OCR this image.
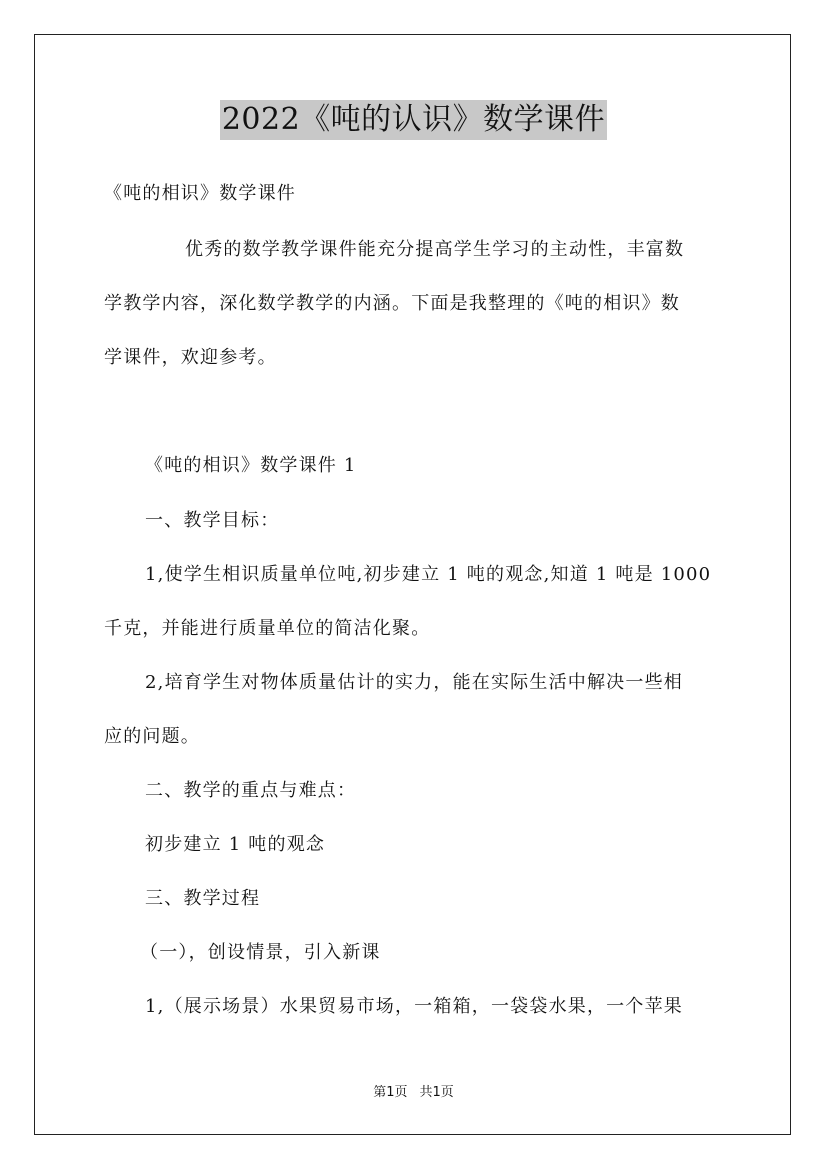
2022《吨的认识》数学课件
《吨的相识》数学课件
优秀的数学教学课件能充分提高学生学习的主动性，丰富数
学教学内容，深化数学教学的内涵。下面是我整理的《吨的相识》数
学课件，欢迎参考。
《吨的相识》数学课件 1
一、教学目标：
1,使学生相识质量单位吨,初步建立 1 吨的观念,知道 1 吨是 1000
千克，并能进行质量单位的简洁化聚。
2,培育学生对物体质量估计的实力，能在实际生活中解决一些相
应的问题。
二、教学的重点与难点：
初步建立 1 吨的观念
三、教学过程
（一），创设情景，引入新课
1,（展示场景）水果贸易市场，一箱箱，一袋袋水果，一个苹果
第1页 共1页
